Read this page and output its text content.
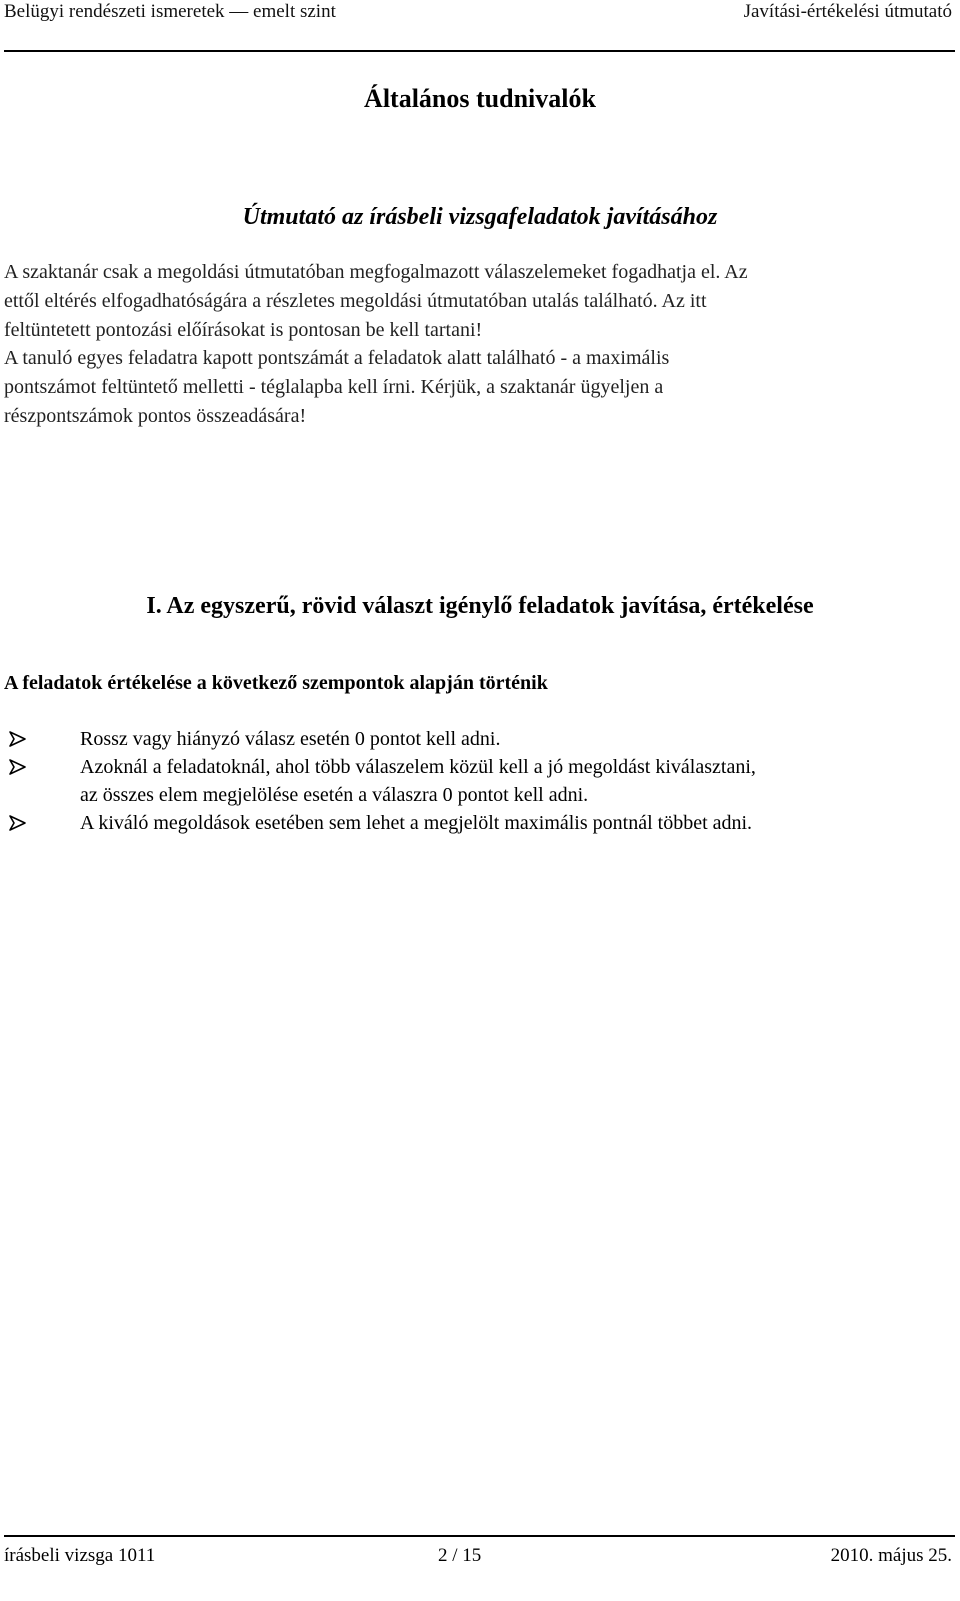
Belügyi rendészeti ismeretek — emelt szint	Javítási-értékelési útmutató
Általános tudnivalók
Útmutató az írásbeli vizsgafeladatok javításához
A szaktanár csak a megoldási útmutatóban megfogalmazott válaszelemeket fogadhatja el. Az
ettől eltérés elfogadhatóságára a részletes megoldási útmutatóban utalás található. Az itt
feltüntetett pontozási előírásokat is pontosan be kell tartani!
A tanuló egyes feladatra kapott pontszámát a feladatok alatt található - a maximális
pontszámot feltüntető melletti - téglalapba kell írni. Kérjük, a szaktanár ügyeljen a
részpontszámok pontos összeadására!
I. Az egyszerű, rövid választ igénylő feladatok javítása, értékelése
A feladatok értékelése a következő szempontok alapján történik
Rossz vagy hiányzó válasz esetén 0 pontot kell adni.
Azoknál a feladatoknál, ahol több válaszelem közül kell a jó megoldást kiválasztani,
az összes elem megjelölése esetén a válaszra 0 pontot kell adni.
A kiváló megoldások esetében sem lehet a megjelölt maximális pontnál többet adni.
írásbeli vizsga 1011	2 / 15	2010. május 25.
